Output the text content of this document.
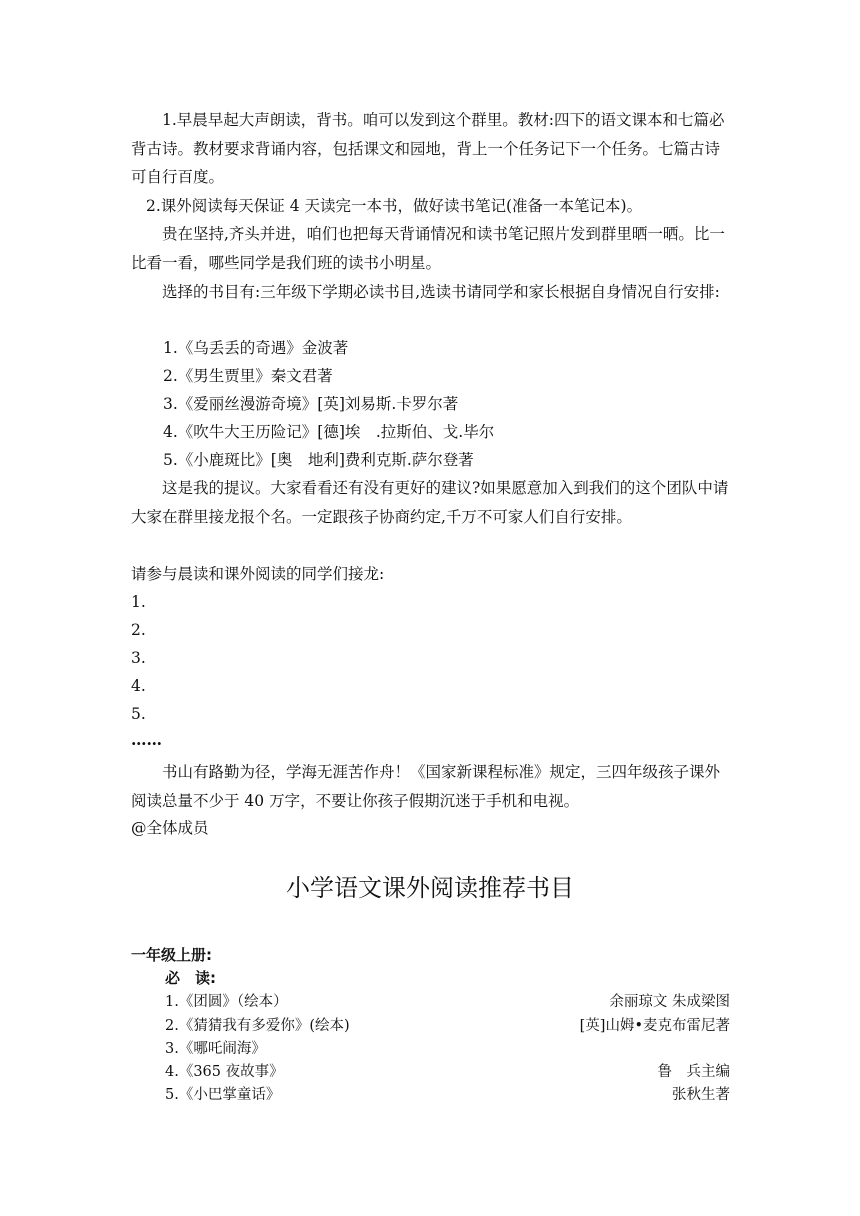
1.早晨早起大声朗读，背书。咱可以发到这个群里。教材:四下的语文课本和七篇必背古诗。教材要求背诵内容，包括课文和园地，背上一个任务记下一个任务。七篇古诗可自行百度。

2.课外阅读每天保证 4 天读完一本书，做好读书笔记(准备一本笔记本)。

贵在坚持,齐头并进，咱们也把每天背诵情况和读书笔记照片发到群里晒一晒。比一比看一看，哪些同学是我们班的读书小明星。

选择的书目有:三年级下学期必读书目,选读书请同学和家长根据自身情况自行安排:

1.《乌丢丢的奇遇》金波著
2.《男生贾里》秦文君著
3.《爱丽丝漫游奇境》[英]刘易斯.卡罗尔著
4.《吹牛大王历险记》[德]埃　.拉斯伯、戈.毕尔
5.《小鹿斑比》[奥　地利]费利克斯.萨尔登著

这是我的提议。大家看看还有没有更好的建议?如果愿意加入到我们的这个团队中请大家在群里接龙报个名。一定跟孩子协商约定,千万不可家人们自行安排。

请参与晨读和课外阅读的同学们接龙:
1.
2.
3.
4.
5.
……

书山有路勤为径，学海无涯苦作舟！《国家新课程标准》规定，三四年级孩子课外阅读总量不少于 40 万字，不要让你孩子假期沉迷于手机和电视。

@全体成员
小学语文课外阅读推荐书目
一年级上册:
必　读:
1.《团圆》（绘本）	余丽琼文 朱成梁图
2.《猜猜我有多爱你》(绘本)	[英]山姆•麦克布雷尼著
3.《哪吒闹海》
4.《365 夜故事》	鲁　兵主编
5.《小巴掌童话》	张秋生著
